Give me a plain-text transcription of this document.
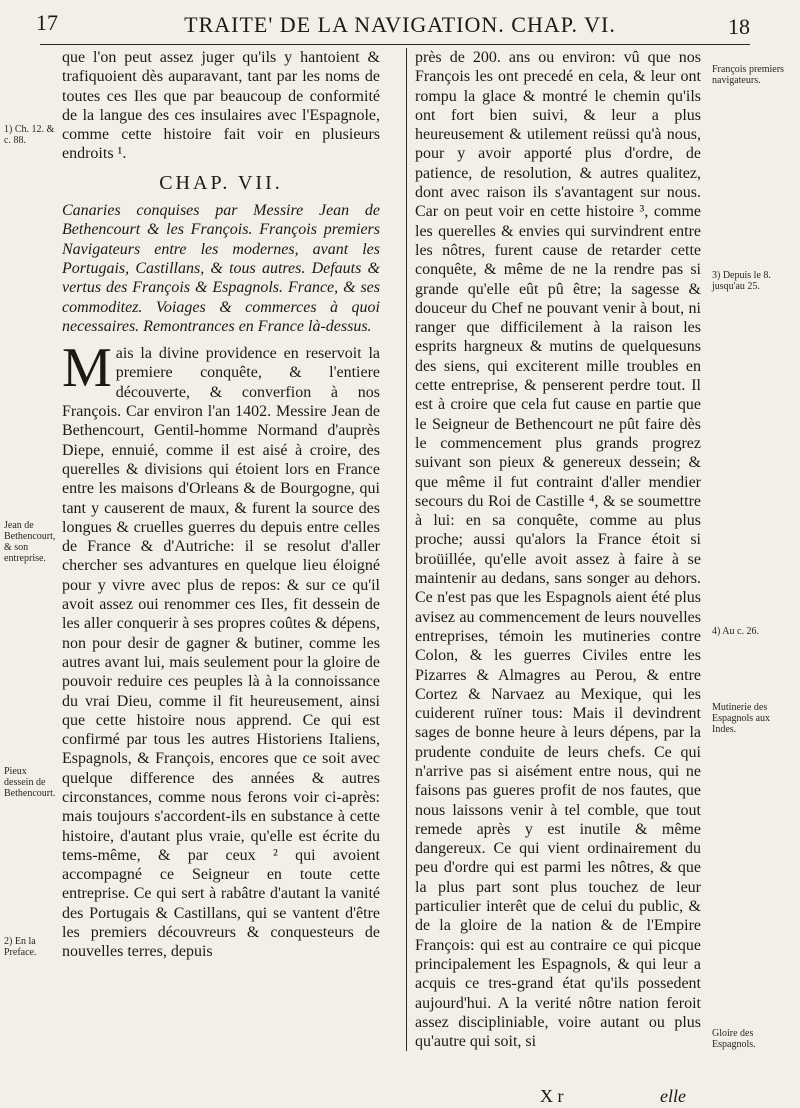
17	TRAITE' DE LA NAVIGATION. CHAP. VI.	18

que l'on peut assez juger qu'ils y hantoient & trafiquoient dès auparavant, tant par les noms de toutes ces Iles que par beaucoup de conformité de la langue des ces insulaires avec l'Espagnole, comme cette histoire fait voir en plusieurs endroits ¹.

CHAP. VII.

Canaries conquises par Messire Jean de Bethencourt & les François. François premiers Navigateurs entre les modernes, avant les Portugais, Castillans, & tous autres. Defauts & vertus des François & Espagnols. France, & ses commoditez. Voiages & commerces à quoi necessaires. Remontrances en France là-dessus.

M ais la divine providence en reservoit la premiere conquête, & l'entiere découverte, & converfion à nos François. Car environ l'an 1402. Messire Jean de Bethencourt, Gentil-homme Normand d'auprès Diepe, ennuié, comme il est aisé à croire, des querelles & divisions qui étoient lors en France entre les maisons d'Orleans & de Bourgogne, qui tant y causerent de maux, & furent la source des longues & cruelles guerres du depuis entre celles de France & d'Autriche: il se resolut d'aller chercher ses advantures en quelque lieu éloigné pour y vivre avec plus de repos: & sur ce qu'il avoit assez oui renommer ces Iles, fit dessein de les aller conquerir à ses propres coûtes & dépens, non pour desir de gagner & butiner, comme les autres avant lui, mais seulement pour la gloire de pouvoir reduire ces peuples là à la connoissance du vrai Dieu, comme il fit heureusement, ainsi que cette histoire nous apprend. Ce qui est confirmé par tous les autres Historiens Italiens, Espagnols, & François, encores que ce soit avec quelque difference des années & autres circonstances, comme nous ferons voir ci-après: mais toujours s'accordent-ils en substance à cette histoire, d'autant plus vraie, qu'elle est écrite du tems-même, & par ceux ² qui avoient accompagné ce Seigneur en toute cette entreprise. Ce qui sert à rabâtre d'autant la vanité des Portugais & Castillans, qui se vantent d'être les premiers découvreurs & conquesteurs de nouvelles terres, depuis

près de 200. ans ou environ: vû que nos François les ont precedé en cela, & leur ont rompu la glace & montré le chemin qu'ils ont fort bien suivi, & leur a plus heureusement & utilement reüssi qu'à nous, pour y avoir apporté plus d'ordre, de patience, de resolution, & autres qualitez, dont avec raison ils s'avantagent sur nous. Car on peut voir en cette histoire ³, comme les querelles & envies qui survindrent entre les nôtres, furent cause de retarder cette conquête, & même de ne la rendre pas si grande qu'elle eût pû être; la sagesse & douceur du Chef ne pouvant venir à bout, ni ranger que difficilement à la raison les esprits hargneux & mutins de quelquesuns des siens, qui exciterent mille troubles en cette entreprise, & penserent perdre tout. Il est à croire que cela fut cause en partie que le Seigneur de Bethencourt ne pût faire dès le commencement plus grands progrez suivant son pieux & genereux dessein; & que même il fut contraint d'aller mendier secours du Roi de Castille ⁴, & se soumettre à lui: en sa conquête, comme au plus proche; aussi qu'alors la France étoit si broüillée, qu'elle avoit assez à faire à se maintenir au dedans, sans songer au dehors. Ce n'est pas que les Espagnols aient été plus avisez au commencement de leurs nouvelles entreprises, témoin les mutineries contre Colon, & les guerres Civiles entre les Pizarres & Almagres au Perou, & entre Cortez & Narvaez au Mexique, qui les cuiderent ruïner tous: Mais il devindrent sages de bonne heure à leurs dépens, par la prudente conduite de leurs chefs. Ce qui n'arrive pas si aisément entre nous, qui ne faisons pas gueres profit de nos fautes, que nous laissons venir à tel comble, que tout remede après y est inutile & même dangereux. Ce qui vient ordinairement du peu d'ordre qui est parmi les nôtres, & que la plus part sont plus touchez de leur particulier interêt que de celui du public, & de la gloire de la nation & de l'Empire François: qui est au contraire ce qui picque principalement les Espagnols, & qui leur a acquis ce tres-grand état qu'ils possedent aujourd'hui. A la verité nôtre nation feroit assez discipliniable, voire autant ou plus qu'autre qui soit, si

1) Ch. 12. & c. 88.
Jean de Bethencourt, & son entreprise.
Pieux dessein de Bethencourt.
2) En la Preface.
François premiers navigateurs.
3) Depuis le 8. jusqu'au 25.
4) Au c. 26.
Mutinerie des Espagnols aux Indes.
Gloire des Espagnols.
X r	elle
